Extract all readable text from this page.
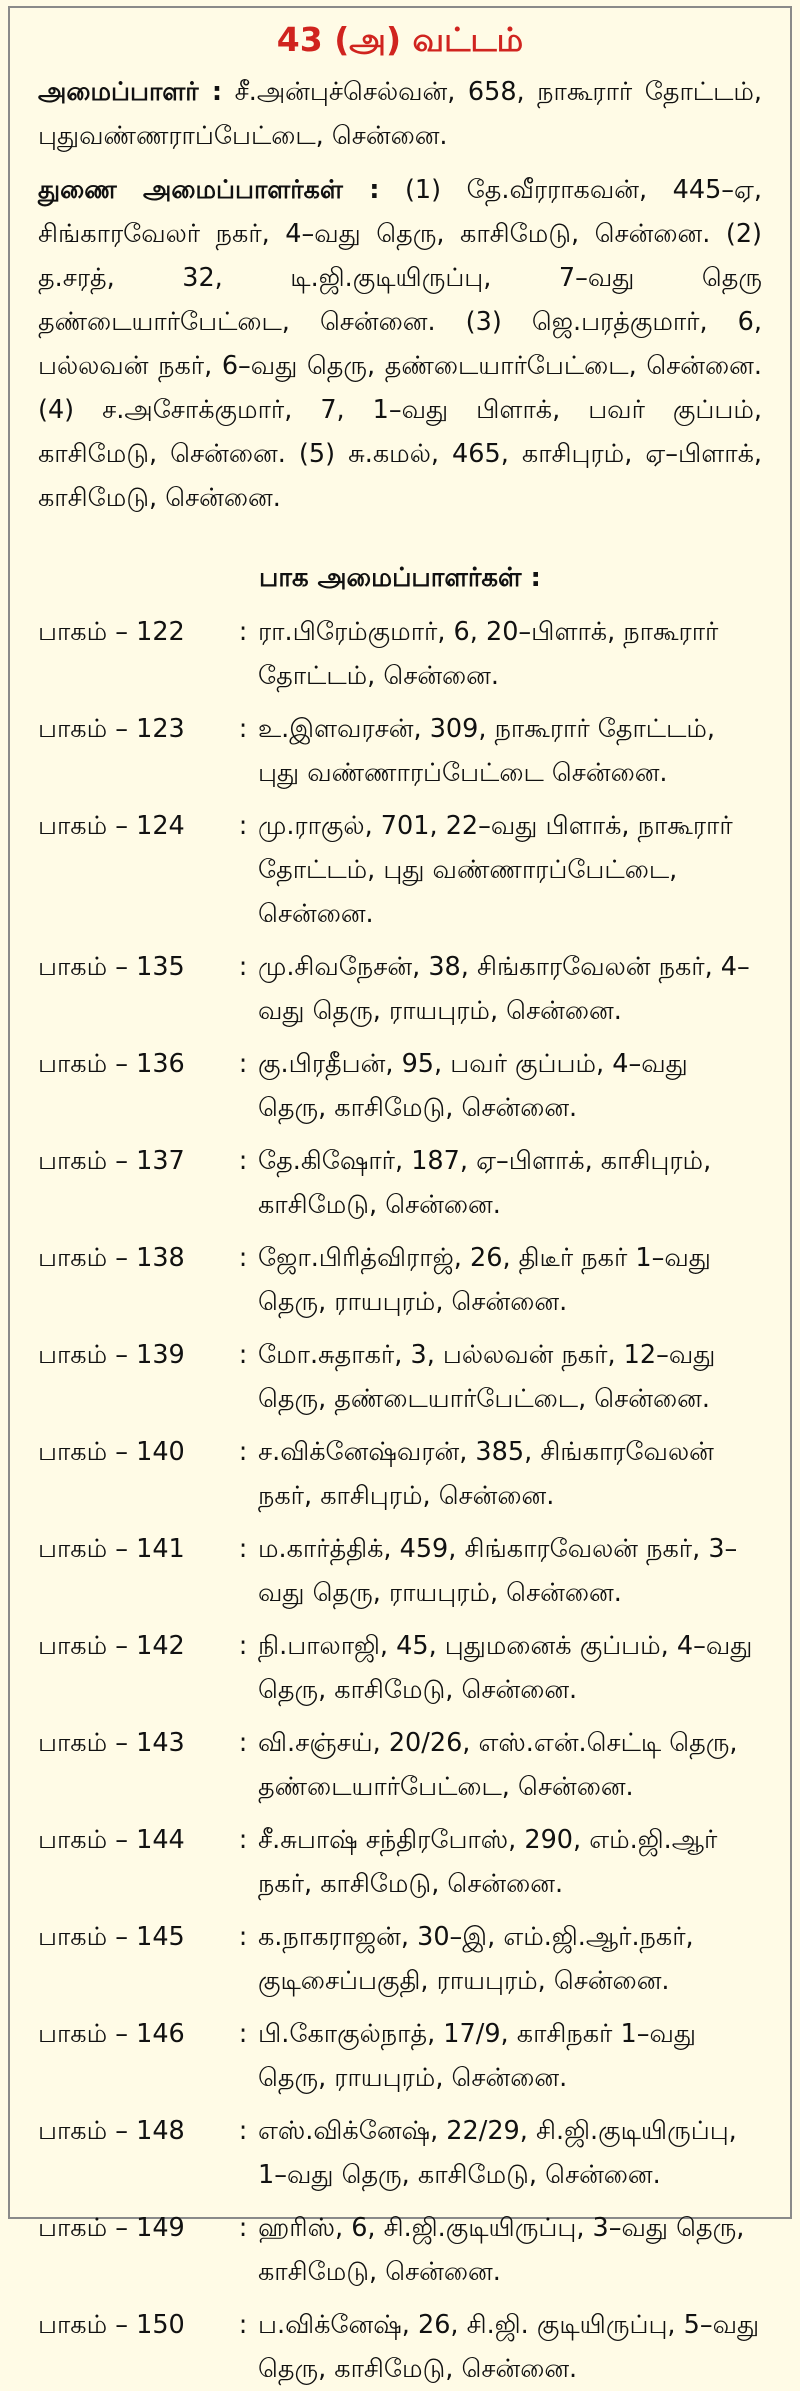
43 (அ) வட்டம்

அமைப்பாளர் : சீ.அன்புச்செல்வன், 658, நாகூரார் தோட்டம், புதுவண்ணராப்பேட்டை, சென்னை.

துணை அமைப்பாளர்கள் : (1) தே.வீரராகவன், 445–ஏ, சிங்காரவேலர் நகர், 4–வது தெரு, காசிமேடு, சென்னை. (2) த.சரத், 32, டி.ஜி.குடியிருப்பு, 7–வது தெரு தண்டையார்பேட்டை, சென்னை. (3) ஜெ.பரத்குமார், 6, பல்லவன் நகர், 6–வது தெரு, தண்டையார்பேட்டை, சென்னை. (4) ச.அசோக்குமார், 7, 1–வது பிளாக், பவர் குப்பம், காசிமேடு, சென்னை. (5) சு.கமல், 465, காசிபுரம், ஏ–பிளாக், காசிமேடு, சென்னை.

பாக அமைப்பாளர்கள் :
பாகம் – 122	: ரா.பிரேம்குமார், 6, 20–பிளாக், நாகூரார் தோட்டம், சென்னை.
பாகம் – 123	: உ.இளவரசன், 309, நாகூரார் தோட்டம், புது வண்ணாரப்பேட்டை சென்னை.
பாகம் – 124	: மு.ராகுல், 701, 22–வது பிளாக், நாகூரார் தோட்டம், புது வண்ணாரப்பேட்டை, சென்னை.
பாகம் – 135	: மு.சிவநேசன், 38, சிங்காரவேலன் நகர், 4–வது தெரு, ராயபுரம், சென்னை.
பாகம் – 136	: கு.பிரதீபன், 95, பவர் குப்பம், 4–வது தெரு, காசிமேடு, சென்னை.
பாகம் – 137	: தே.கிஷோர், 187, ஏ–பிளாக், காசிபுரம், காசிமேடு, சென்னை.
பாகம் – 138	: ஜோ.பிரித்விராஜ், 26, திடீர் நகர் 1–வது தெரு, ராயபுரம், சென்னை.
பாகம் – 139	: மோ.சுதாகர், 3, பல்லவன் நகர், 12–வது தெரு, தண்டையார்பேட்டை, சென்னை.
பாகம் – 140	: ச.விக்னேஷ்வரன், 385, சிங்காரவேலன் நகர், காசிபுரம், சென்னை.
பாகம் – 141	: ம.கார்த்திக், 459, சிங்காரவேலன் நகர், 3–வது தெரு, ராயபுரம், சென்னை.
பாகம் – 142	: நி.பாலாஜி, 45, புதுமனைக் குப்பம், 4–வது தெரு, காசிமேடு, சென்னை.
பாகம் – 143	: வி.சஞ்சய், 20/26, எஸ்.என்.செட்டி தெரு, தண்டையார்பேட்டை, சென்னை.
பாகம் – 144	: சீ.சுபாஷ் சந்திரபோஸ், 290, எம்.ஜி.ஆர் நகர், காசிமேடு, சென்னை.
பாகம் – 145	: க.நாகராஜன், 30–இ, எம்.ஜி.ஆர்.நகர், குடிசைப்பகுதி, ராயபுரம், சென்னை.
பாகம் – 146	: பி.கோகுல்நாத், 17/9, காசிநகர் 1–வது தெரு, ராயபுரம், சென்னை.
பாகம் – 148	: எஸ்.விக்னேஷ், 22/29, சி.ஜி.குடியிருப்பு, 1–வது தெரு, காசிமேடு, சென்னை.
பாகம் – 149	: ஹரிஸ், 6, சி.ஜி.குடியிருப்பு, 3–வது தெரு, காசிமேடு, சென்னை.
பாகம் – 150	: ப.விக்னேஷ், 26, சி.ஜி. குடியிருப்பு, 5–வது தெரு, காசிமேடு, சென்னை.
